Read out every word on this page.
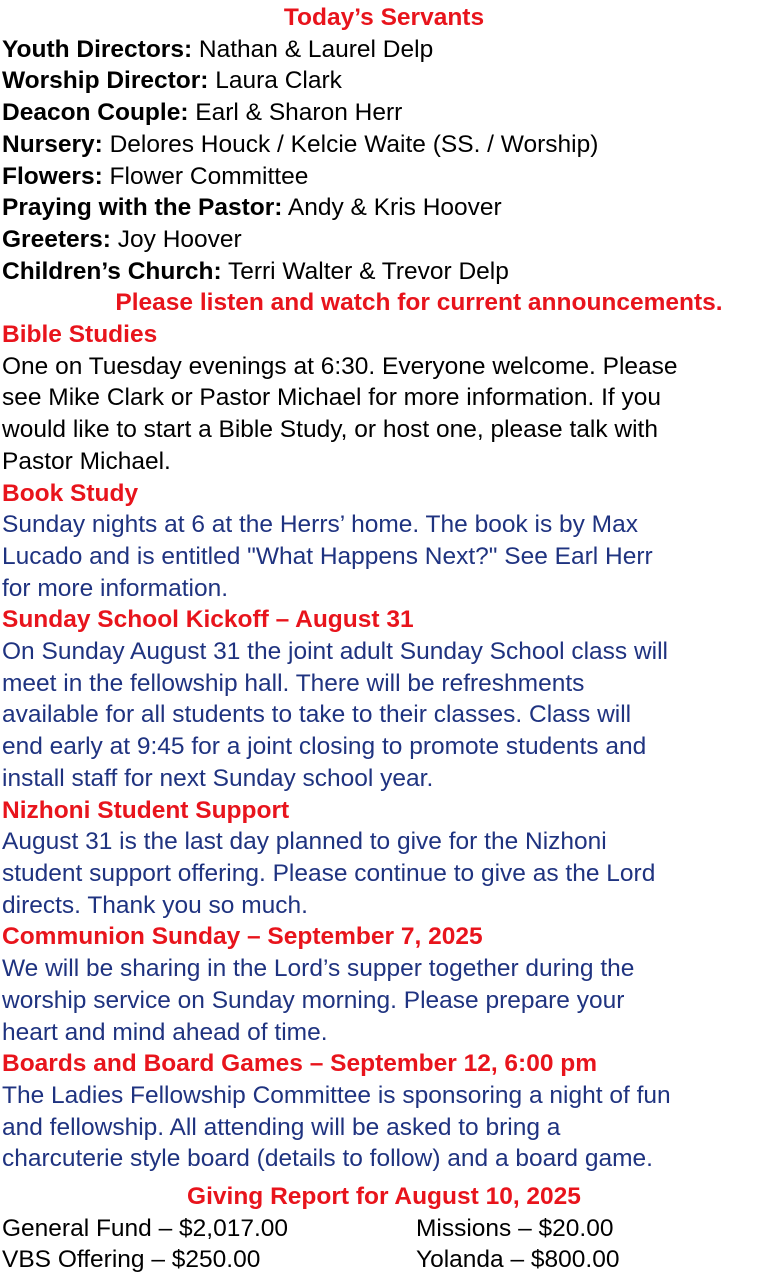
Today’s Servants
Youth Directors: Nathan & Laurel Delp
Worship Director: Laura Clark
Deacon Couple: Earl & Sharon Herr
Nursery: Delores Houck / Kelcie Waite (SS. / Worship)
Flowers: Flower Committee
Praying with the Pastor: Andy & Kris Hoover
Greeters: Joy Hoover
Children’s Church: Terri Walter & Trevor Delp
Please listen and watch for current announcements.
Bible Studies
One on Tuesday evenings at 6:30. Everyone welcome. Please
see Mike Clark or Pastor Michael for more information. If you
would like to start a Bible Study, or host one, please talk with
Pastor Michael.
Book Study
Sunday nights at 6 at the Herrs’ home. The book is by Max
Lucado and is entitled "What Happens Next?" See Earl Herr
for more information.
Sunday School Kickoff – August 31
On Sunday August 31 the joint adult Sunday School class will
meet in the fellowship hall. There will be refreshments
available for all students to take to their classes. Class will
end early at 9:45 for a joint closing to promote students and
install staff for next Sunday school year.
Nizhoni Student Support
August 31 is the last day planned to give for the Nizhoni
student support offering. Please continue to give as the Lord
directs. Thank you so much.
Communion Sunday – September 7, 2025
We will be sharing in the Lord’s supper together during the
worship service on Sunday morning. Please prepare your
heart and mind ahead of time.
Boards and Board Games – September 12, 6:00 pm
The Ladies Fellowship Committee is sponsoring a night of fun
and fellowship. All attending will be asked to bring a
charcuterie style board (details to follow) and a board game.
Giving Report for August 10, 2025
General Fund – $2,017.00	Missions – $20.00
VBS Offering – $250.00	Yolanda – $800.00
